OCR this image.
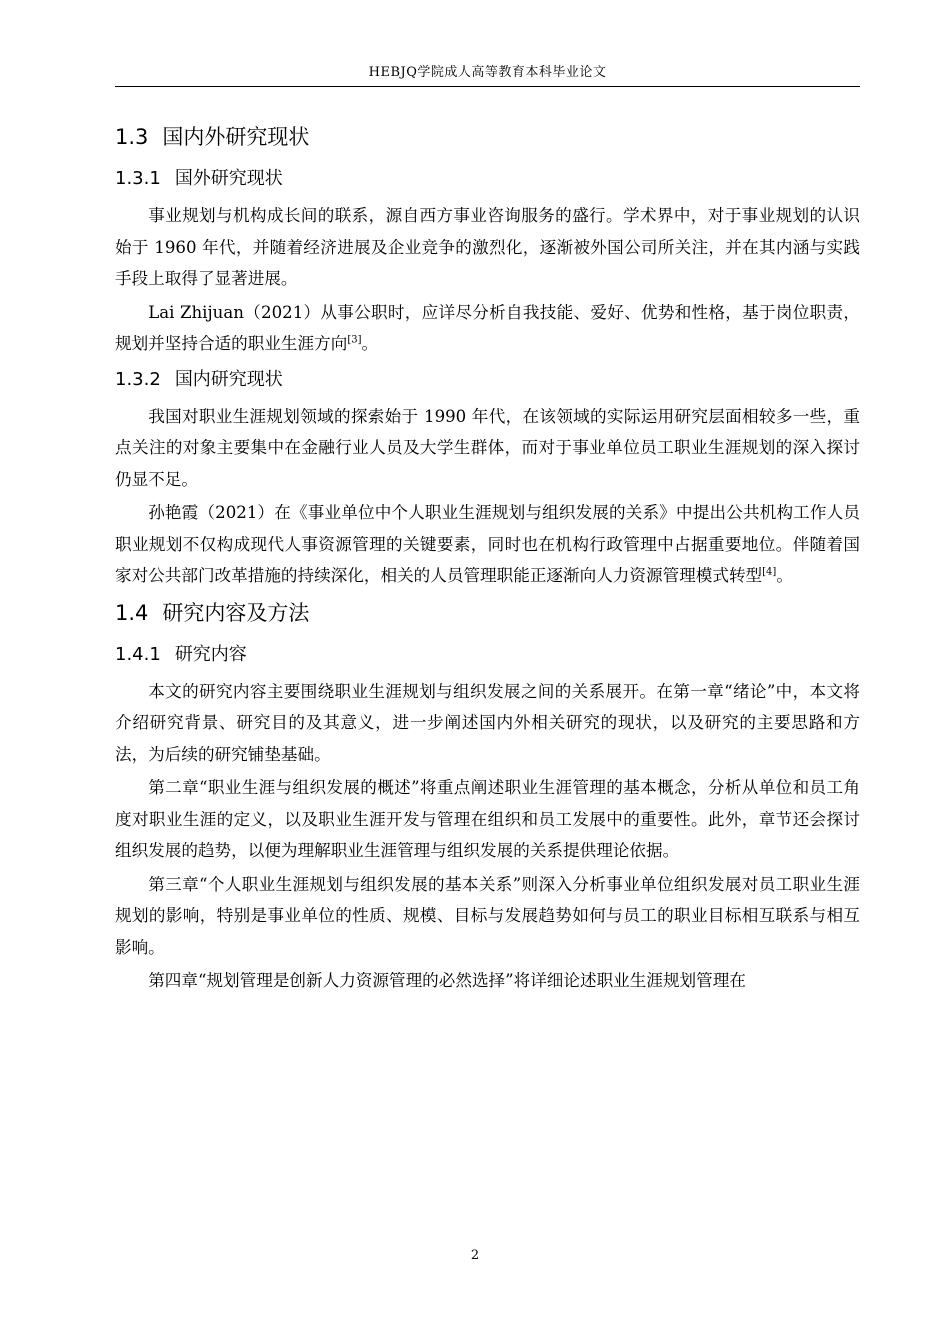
HEBJQ学院成人高等教育本科毕业论文
1.3 国内外研究现状
1.3.1 国外研究现状

事业规划与机构成长间的联系，源自西方事业咨询服务的盛行。学术界中，对于事业规划的认识始于 1960 年代，并随着经济进展及企业竞争的激烈化，逐渐被外国公司所关注，并在其内涵与实践手段上取得了显著进展。

Lai Zhijuan（2021）从事公职时，应详尽分析自我技能、爱好、优势和性格，基于岗位职责，规划并坚持合适的职业生涯方向[3]。

1.3.2 国内研究现状

我国对职业生涯规划领域的探索始于 1990 年代，在该领域的实际运用研究层面相较多一些，重点关注的对象主要集中在金融行业人员及大学生群体，而对于事业单位员工职业生涯规划的深入探讨仍显不足。

孙艳霞（2021）在《事业单位中个人职业生涯规划与组织发展的关系》中提出公共机构工作人员职业规划不仅构成现代人事资源管理的关键要素，同时也在机构行政管理中占据重要地位。伴随着国家对公共部门改革措施的持续深化，相关的人员管理职能正逐渐向人力资源管理模式转型[4]。

1.4 研究内容及方法
1.4.1 研究内容

本文的研究内容主要围绕职业生涯规划与组织发展之间的关系展开。在第一章“绪论”中，本文将介绍研究背景、研究目的及其意义，进一步阐述国内外相关研究的现状，以及研究的主要思路和方法，为后续的研究铺垫基础。

第二章“职业生涯与组织发展的概述”将重点阐述职业生涯管理的基本概念，分析从单位和员工角度对职业生涯的定义，以及职业生涯开发与管理在组织和员工发展中的重要性。此外，章节还会探讨组织发展的趋势，以便为理解职业生涯管理与组织发展的关系提供理论依据。

第三章“个人职业生涯规划与组织发展的基本关系”则深入分析事业单位组织发展对员工职业生涯规划的影响，特别是事业单位的性质、规模、目标与发展趋势如何与员工的职业目标相互联系与相互影响。

第四章“规划管理是创新人力资源管理的必然选择”将详细论述职业生涯规划管理在

2
